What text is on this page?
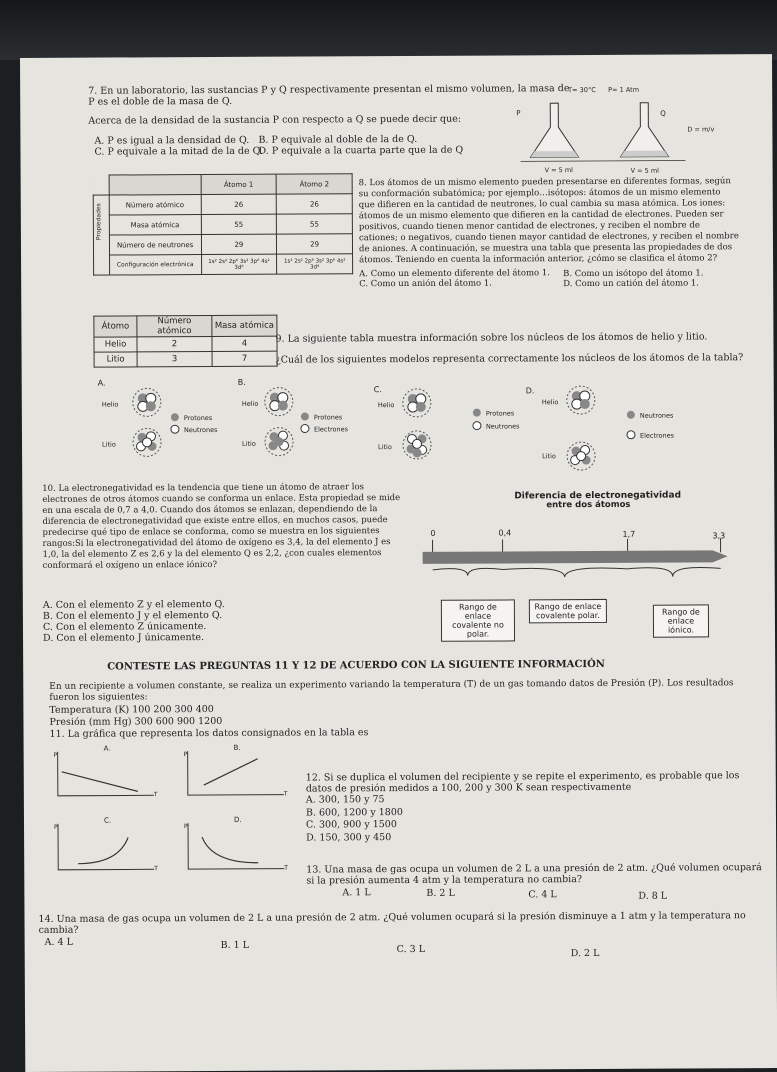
7. En un laboratorio, las sustancias P y Q respectivamente presentan el mismo volumen, la masa de
P es el doble de la masa de Q.
Acerca de la densidad de la sustancia P con respecto a Q se puede decir que:
A. P es igual a la densidad de Q. B. P equivale al doble de la de Q.
C. P equivale a la mitad de la de Q.
D. P equivale a la cuarta parte que la de Q
T= 30°C P= 1 Atm
P	Q
D = m/v
V = 5 ml	V = 5 ml
		Átomo 1	Átomo 2

Propiedades	Número atómico	26	26
	Masa atómica	55	55
	Número de neutrones	29	29
	Configuración electrónica	1s² 2s² 2p⁶ 3s² 3p⁶ 4s² 3d⁶	1s² 2s² 2p⁶ 3s² 3p⁶ 4s² 3d⁴
8. Los átomos de un mismo elemento pueden presentarse en diferentes formas, según
su conformación subatómica; por ejemplo…isótopos: átomos de un mismo elemento
que difieren en la cantidad de neutrones, lo cual cambia su masa atómica. Los iones:
átomos de un mismo elemento que difieren en la cantidad de electrones. Pueden ser
positivos, cuando tienen menor cantidad de electrones, y reciben el nombre de
cationes; o negativos, cuando tienen mayor cantidad de electrones, y reciben el nombre
de aniones. A continuación, se muestra una tabla que presenta las propiedades de dos
átomos. Teniendo en cuenta la información anterior, ¿cómo se clasifica el átomo 2?
A. Como un elemento diferente del átomo 1. B. Como un isótopo del átomo 1.
C. Como un anión del átomo 1.	D. Como un catión del átomo 1.
Átomo	Número atómico	Masa atómica
Helio	2	4
Litio	3	7
9. La siguiente tabla muestra información sobre los núcleos de los átomos de helio y litio.
¿Cuál de los siguientes modelos representa correctamente los núcleos de los átomos de la tabla?
A.
Helio
Litio
Protones
Neutrones
B.
Helio
Litio
Protones
Electrones
C.
Helio
Litio
Protones
Neutrones
D.
Helio
Litio
Neutrones
Electrones
10. La electronegatividad es la tendencia que tiene un átomo de atraer los
electrones de otros átomos cuando se conforma un enlace. Esta propiedad se mide
en una escala de 0,7 a 4,0. Cuando dos átomos se enlazan, dependiendo de la
diferencia de electronegatividad que existe entre ellos, en muchos casos, puede
predecirse qué tipo de enlace se conforma, como se muestra en los siguientes
rangos:Si la electronegatividad del átomo de oxígeno es 3,4, la del elemento J es
1,0, la del elemento Z es 2,6 y la del elemento Q es 2,2, ¿con cuales elementos
conformará el oxígeno un enlace iónico?
A. Con el elemento Z y el elemento Q.
B. Con el elemento J y el elemento Q.
C. Con el elemento Z únicamente.
D. Con el elemento J únicamente.
Diferencia de electronegatividad
entre dos átomos
0	0,4	1,7	3,3
Rango de enlace covalente no polar.
Rango de enlace covalente polar.	Rango de enlace iónico.
CONTESTE LAS PREGUNTAS 11 Y 12 DE ACUERDO CON LA SIGUIENTE INFORMACIÓN
En un recipiente a volumen constante, se realiza un experimento variando la temperatura (T) de un gas tomando datos de Presión (P). Los resultados
fueron los siguientes:
Temperatura (K) 100 200 300 400
Presión (mm Hg) 300 600 900 1200
11. La gráfica que representa los datos consignados en la tabla es
A.
P
T
B.
P
T
C.
P
T
D.
P
T
12. Si se duplica el volumen del recipiente y se repite el experimento, es probable que los
datos de presión medidos a 100, 200 y 300 K sean respectivamente
A. 300, 150 y 75
B. 600, 1200 y 1800
C. 300, 900 y 1500
D. 150, 300 y 450
13. Una masa de gas ocupa un volumen de 2 L a una presión de 2 atm. ¿Qué volumen ocupará
si la presión aumenta 4 atm y la temperatura no cambia?
A. 1 L	B. 2 L	C. 4 L	D. 8 L
14. Una masa de gas ocupa un volumen de 2 L a una presión de 2 atm. ¿Qué volumen ocupará si la presión disminuye a 1 atm y la temperatura no
cambia?
A. 4 L	B. 1 L	C. 3 L	D. 2 L
